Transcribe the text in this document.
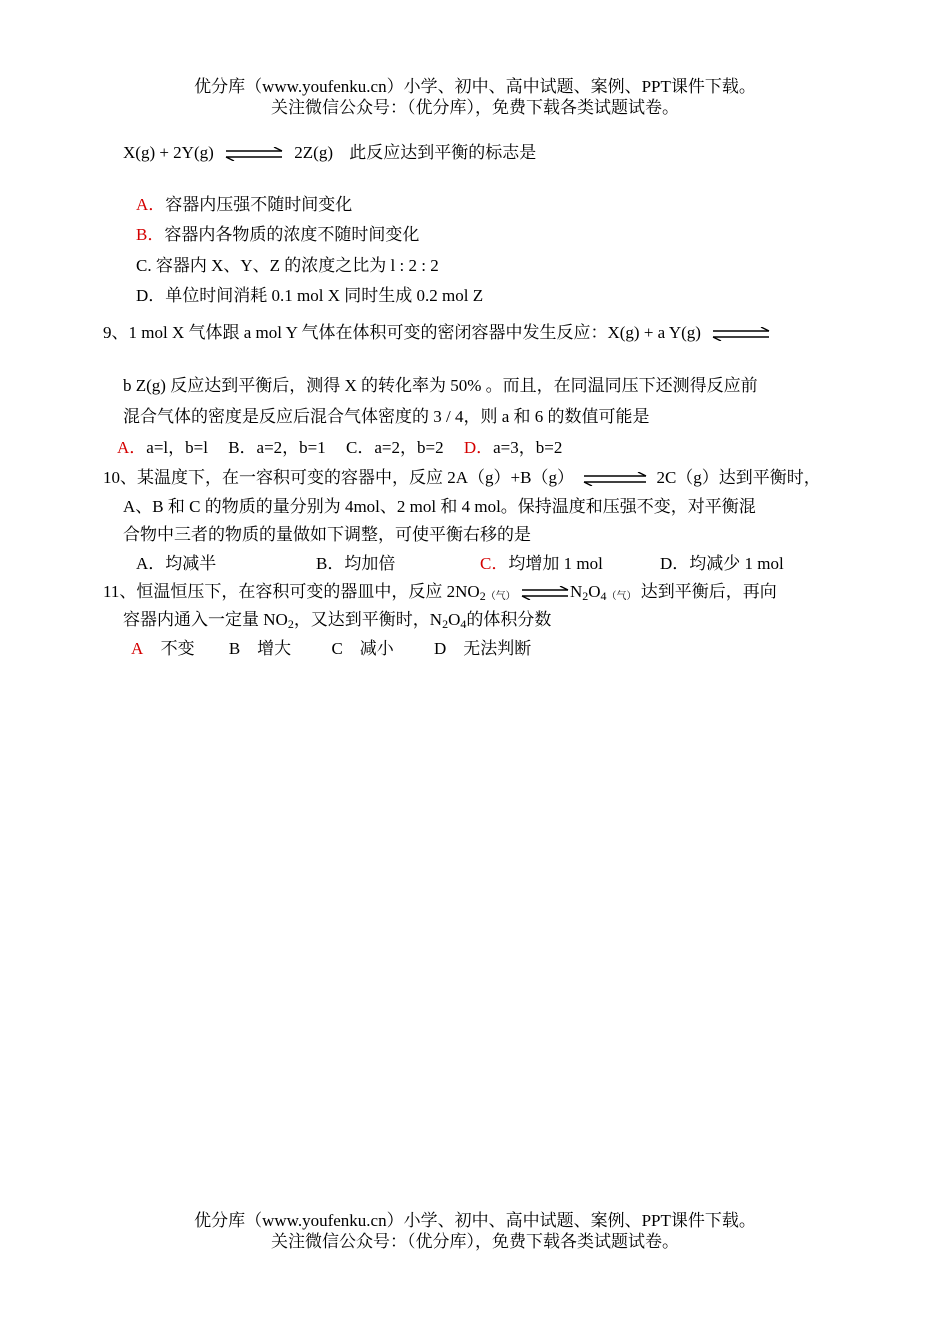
优分库（www.youfenku.cn）小学、初中、高中试题、案例、PPT课件下载。
关注微信公众号：（优分库），免费下载各类试题试卷。
X(g) + 2Y(g) ⇌ 2Z(g) 此反应达到平衡的标志是
A．容器内压强不随时间变化
B．容器内各物质的浓度不随时间变化
C. 容器内 X、Y、Z 的浓度之比为 l : 2 : 2
D．单位时间消耗 0.1 mol X 同时生成 0.2 mol Z
9、1 mol X 气体跟 a mol Y 气体在体积可变的密闭容器中发生反应：X(g) + a Y(g) ⇌
b Z(g) 反应达到平衡后，测得 X 的转化率为 50% 。而且，在同温同压下还测得反应前
混合气体的密度是反应后混合气体密度的 3 / 4，则 a 和 6 的数值可能是
A．a=l，b=l B．a=2，b=1 C．a=2，b=2 D．a=3，b=2
10、某温度下，在一容积可变的容器中，反应 2A（g）+B（g） ⇌ 2C（g）达到平衡时，
A、B 和 C 的物质的量分别为 4mol、2 mol 和 4 mol。保持温度和压强不变，对平衡混
合物中三者的物质的量做如下调整，可使平衡右移的是
A．均减半	B．均加倍	C．均增加 1 mol	D．均减少 1 mol
11、恒温恒压下，在容积可变的器皿中，反应 $2NO_2$（气） $\rightleftharpoons N_2O_4$（气） 达到平衡后，再向
容器内通入一定量 $NO_2$，又达到平衡时，$N_2O_4$的体积分数
A 不变 B　增大 C　减小 D　无法判断
优分库（www.youfenku.cn）小学、初中、高中试题、案例、PPT课件下载。
关注微信公众号：（优分库），免费下载各类试题试卷。
